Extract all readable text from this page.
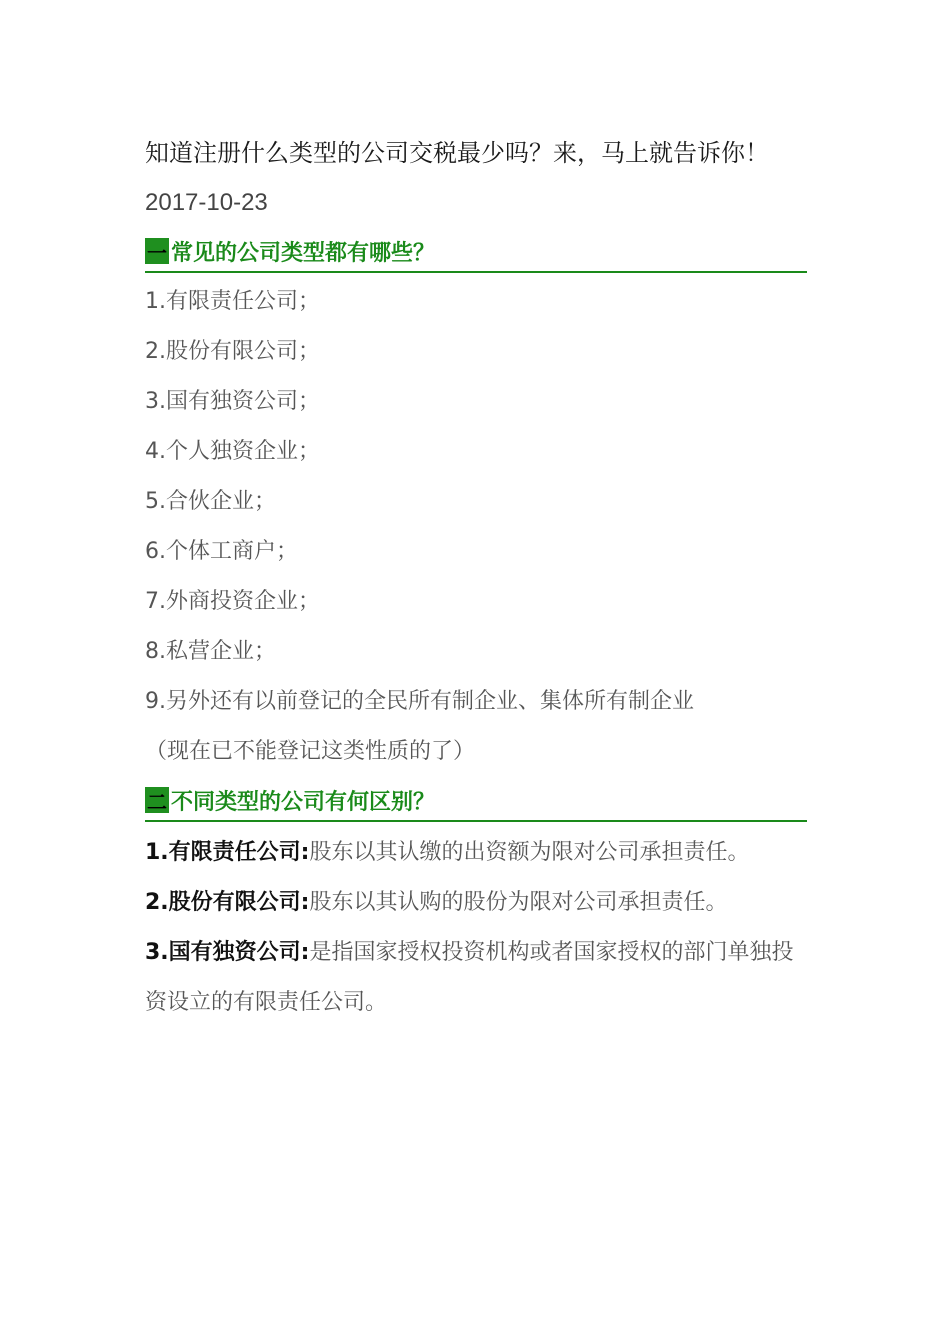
知道注册什么类型的公司交税最少吗？来，马上就告诉你！

2017-10-23

一 常见的公司类型都有哪些？
1.有限责任公司；
2.股份有限公司；
3.国有独资公司；
4.个人独资企业；
5.合伙企业；
6.个体工商户；
7.外商投资企业；
8.私营企业；
9.另外还有以前登记的全民所有制企业、集体所有制企业
（现在已不能登记这类性质的了）
二 不同类型的公司有何区别？
1.有限责任公司:股东以其认缴的出资额为限对公司承担责任。
2.股份有限公司:股东以其认购的股份为限对公司承担责任。
3.国有独资公司:是指国家授权投资机构或者国家授权的部门单独投资设立的有限责任公司。
